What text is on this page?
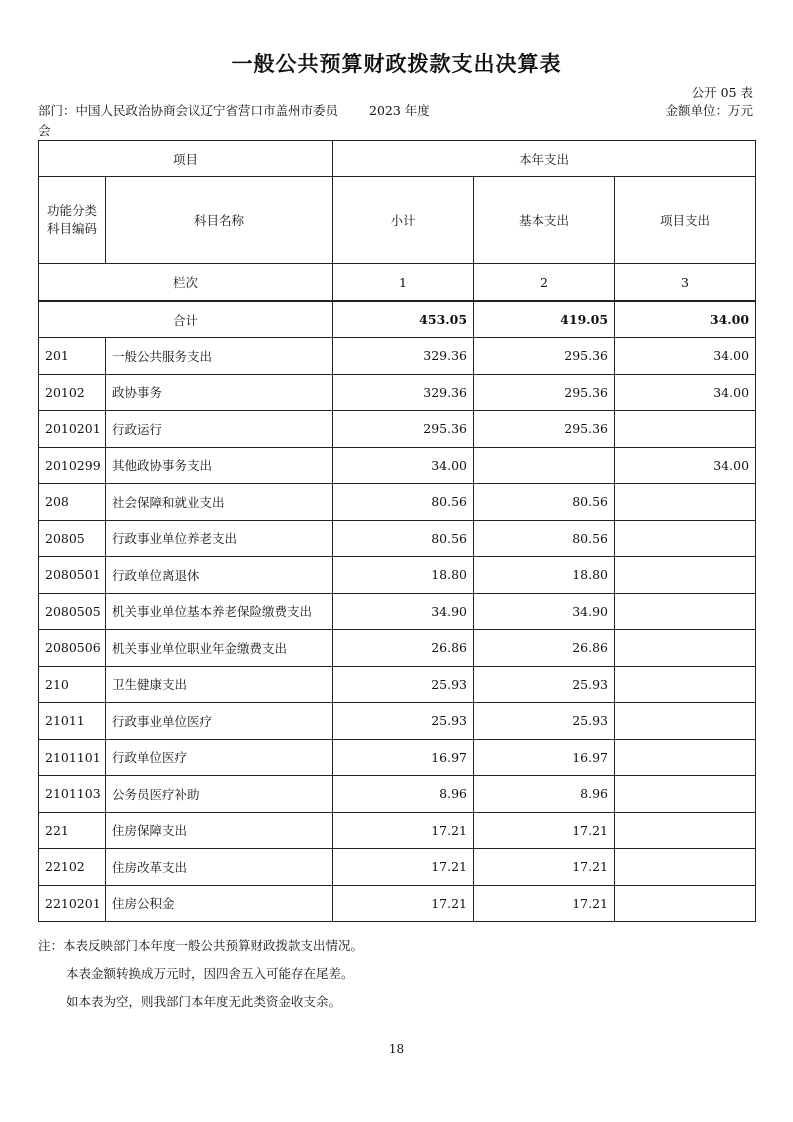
一般公共预算财政拨款支出决算表
公开 05 表
部门：中国人民政治协商会议辽宁省营口市盖州市委员会
2023 年度	金额单位：万元
项目		本年支出		
功能分类科目编码	科目名称	小计	基本支出	项目支出
栏次		1	2	3
合计		453.05	419.05	34.00
201	一般公共服务支出	329.36	295.36	34.00
20102	政协事务	329.36	295.36	34.00
2010201	行政运行	295.36	295.36	
2010299	其他政协事务支出	34.00		34.00
208	社会保障和就业支出	80.56	80.56	
20805	行政事业单位养老支出	80.56	80.56	
2080501	行政单位离退休	18.80	18.80	
2080505	机关事业单位基本养老保险缴费支出	34.90	34.90	
2080506	机关事业单位职业年金缴费支出	26.86	26.86	
210	卫生健康支出	25.93	25.93	
21011	行政事业单位医疗	25.93	25.93	
2101101	行政单位医疗	16.97	16.97	
2101103	公务员医疗补助	8.96	8.96	
221	住房保障支出	17.21	17.21	
22102	住房改革支出	17.21	17.21	
2210201	住房公积金	17.21	17.21	
注：本表反映部门本年度一般公共预算财政拨款支出情况。
本表金额转换成万元时，因四舍五入可能存在尾差。
如本表为空，则我部门本年度无此类资金收支余。
18
